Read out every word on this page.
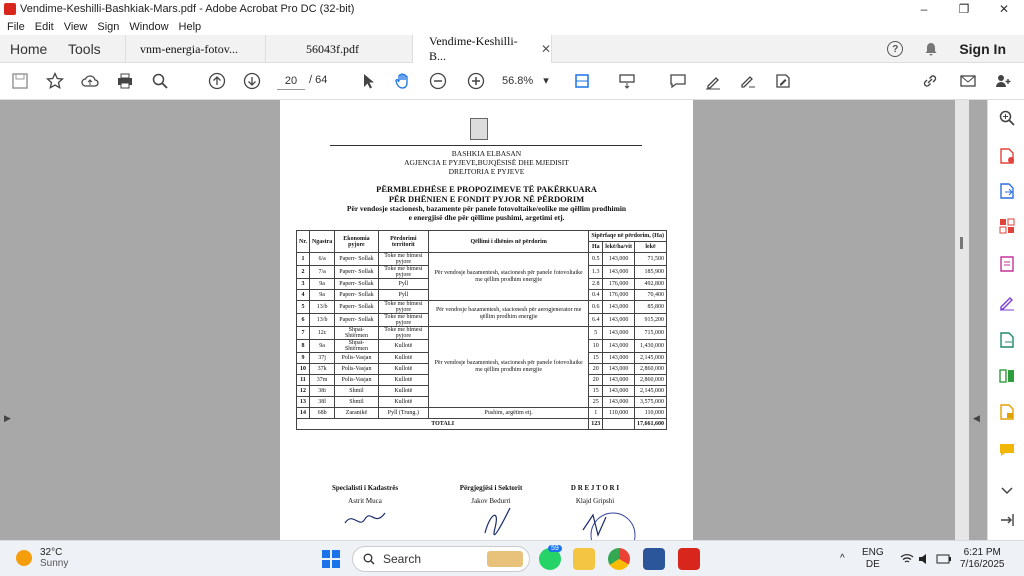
Vendime-Keshilli-Bashkiak-Mars.pdf - Adobe Acrobat Pro DC (32-bit)	–	❐	✕
File Edit View Sign Window Help
Home Tools	vnm-energia-fotov...	56043f.pdf
Vendime-Keshilli-B...
✕	?	Sign In
20	/ 64	56.8% ▾
▶
BASHKIA ELBASAN
AGJENCIA E PYJEVE,BUJQËSISË DHE MJEDISIT
DREJTORIA E PYJEVE
PËRMBLEDHËSE E PROPOZIMEVE TË PAKËRKUARA
PËR DHËNIEN E FONDIT PYJOR NË PËRDORIM
Për vendosje stacionesh, bazamente për panele fotovoltaike/eolike me qëllim prodhimin
e energjisë dhe për qëllime pushimi, argetimi etj.
Nr.	Ngastra	Ekonomia pyjore	Përdorimi territorit	Qëllimi i dhënies në përdorim	Sipërfaqe në përdorim, (Ha)		
					Ha	lekë/ha/vit	lekë
1	6/a	Paperr- Sollak	Toke me bimesi pyjore	Për vendosje bazamentesh, stacionesh për panele fotovoltaike me qëllim prodhim energjie	0.5	143,000	71,500
2	7/a	Paperr- Sollak	Toke me bimesi pyjore		1.3	143,000	185,900
3	9a	Paperr- Sollak	Pyll		2.8	176,000	492,800
4	9a	Paperr- Sollak	Pyll		0.4	176,000	70,400
5	13/b	Paperr- Sollak	Toke me bimesi pyjore	Për vendosje bazamentesh, stacionesh për aerogjenerator me qëllim prodhim energjie	0.6	143,000	85,800
6	13/b	Paperr- Sollak	Toke me bimesi pyjore		6.4	143,000	915,200
7	12c	Shpat-Shtërmen	Toke me bimesi pyjore	Për vendosje bazamentesh, stacionesh për panele fotovoltaike me qëllim prodhim energjie	5	143,000	715,000
8	9a	Shpat-Shtërmen	Kullotë		10	143,000	1,430,000
9	37j	Polis-Vasjan	Kullotë		15	143,000	2,145,000
10	37k	Polis-Vasjan	Kullotë		20	143,000	2,860,000
11	37m	Polis-Vasjan	Kullotë		20	143,000	2,860,000
12	38i	Shmil	Kullotë		15	143,000	2,145,000
13	38l	Shmil	Kullotë		25	143,000	3,575,000
14	68b	Zaranikë	Pyll (Trung.)	Pushim, argëtim etj.	1	110,000	110,000
TOTALI					123		17,661,600
Specialisti i Kadastrës
Astrit Muca
Përgjegjësi i Sektorit
Jakov Bedurri
D R E J T O R I
Klajd Gripshi
◀
32°C
Sunny	Search
59
^
ENG
DE
6:21 PM
7/16/2025
